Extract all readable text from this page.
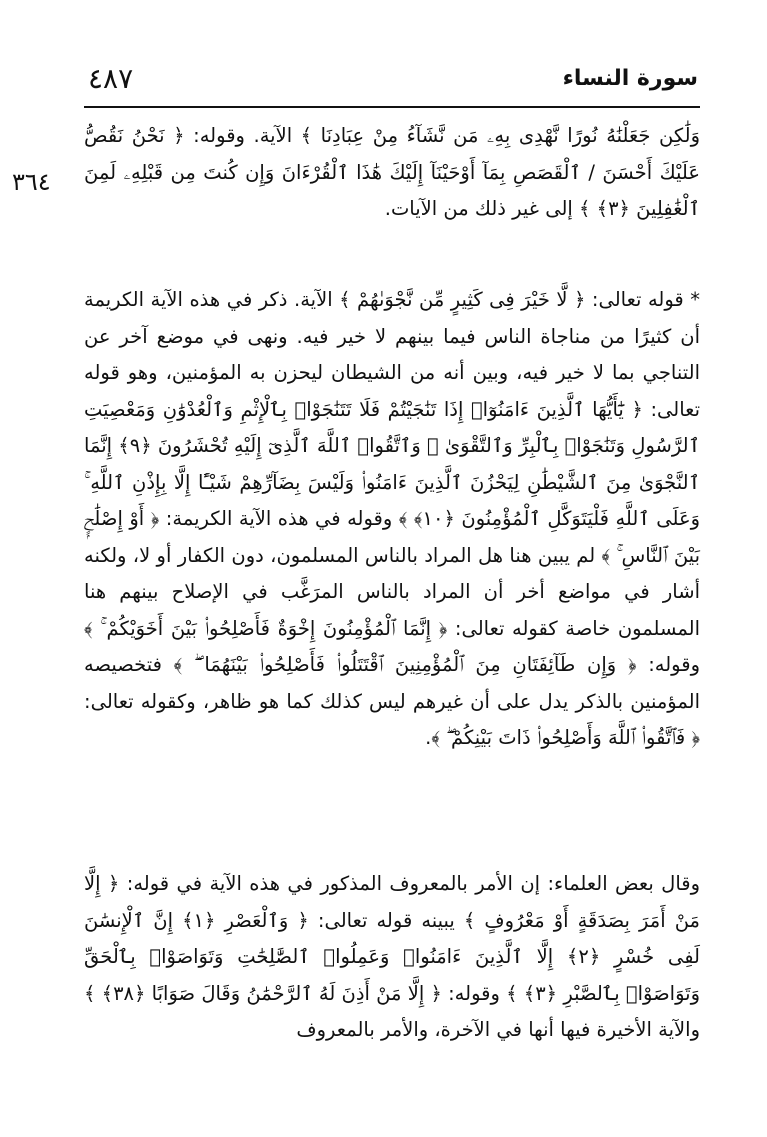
٤٨٧	سورة النساء
٣٦٤

وَلَٰكِن جَعَلْنَٰهُ نُورًا نَّهْدِى بِهِۦ مَن نَّشَآءُ مِنْ عِبَادِنَا ﴾ الآية. وقوله: ﴿ نَحْنُ نَقُصُّ عَلَيْكَ أَحْسَنَ / ٱلْقَصَصِ بِمَآ أَوْحَيْنَآ إِلَيْكَ هَٰذَا ٱلْقُرْءَانَ وَإِن كُنتَ مِن قَبْلِهِۦ لَمِنَ ٱلْغَٰفِلِينَ ﴿٣﴾ ﴾ إلى غير ذلك من الآيات.

* قوله تعالى: ﴿ لَّا خَيْرَ فِى كَثِيرٍ مِّن نَّجْوَىٰهُمْ ﴾ الآية. ذكر في هذه الآية الكريمة أن كثيرًا من مناجاة الناس فيما بينهم لا خير فيه. ونهى في موضع آخر عن التناجي بما لا خير فيه، وبين أنه من الشيطان ليحزن به المؤمنين، وهو قوله تعالى: ﴿ يَٰٓأَيُّهَا ٱلَّذِينَ ءَامَنُوٓا۟ إِذَا تَنَٰجَيْتُمْ فَلَا تَتَنَٰجَوْا۟ بِٱلْإِثْمِ وَٱلْعُدْوَٰنِ وَمَعْصِيَتِ ٱلرَّسُولِ وَتَنَٰجَوْا۟ بِٱلْبِرِّ وَٱلتَّقْوَىٰ ۖ وَٱتَّقُوا۟ ٱللَّهَ ٱلَّذِىٓ إِلَيْهِ تُحْشَرُونَ ﴿٩﴾ إِنَّمَا ٱلنَّجْوَىٰ مِنَ ٱلشَّيْطَٰنِ لِيَحْزُنَ ٱلَّذِينَ ءَامَنُوا۟ وَلَيْسَ بِضَآرِّهِمْ شَيْـًٔا إِلَّا بِإِذْنِ ٱللَّهِ ۚ وَعَلَى ٱللَّهِ فَلْيَتَوَكَّلِ ٱلْمُؤْمِنُونَ ﴿١٠﴾ ﴾ وقوله في هذه الآية الكريمة: ﴿ أَوْ إِصْلَٰحٍۭ بَيْنَ ٱلنَّاسِ ۚ ﴾ لم يبين هنا هل المراد بالناس المسلمون، دون الكفار أو لا، ولكنه أشار في مواضع أخر أن المراد بالناس المرَغَّب في الإصلاح بينهم هنا المسلمون خاصة كقوله تعالى: ﴿ إِنَّمَا ٱلْمُؤْمِنُونَ إِخْوَةٌ فَأَصْلِحُوا۟ بَيْنَ أَخَوَيْكُمْ ۚ ﴾ وقوله: ﴿ وَإِن طَآئِفَتَانِ مِنَ ٱلْمُؤْمِنِينَ ٱقْتَتَلُوا۟ فَأَصْلِحُوا۟ بَيْنَهُمَا ۖ ﴾ فتخصيصه المؤمنين بالذكر يدل على أن غيرهم ليس كذلك كما هو ظاهر، وكقوله تعالى: ﴿ فَٱتَّقُوا۟ ٱللَّهَ وَأَصْلِحُوا۟ ذَاتَ بَيْنِكُمْ ۖ ﴾.

وقال بعض العلماء: إن الأمر بالمعروف المذكور في هذه الآية في قوله: ﴿ إِلَّا مَنْ أَمَرَ بِصَدَقَةٍ أَوْ مَعْرُوفٍ ﴾ يبينه قوله تعالى: ﴿ وَٱلْعَصْرِ ﴿١﴾ إِنَّ ٱلْإِنسَٰنَ لَفِى خُسْرٍ ﴿٢﴾ إِلَّا ٱلَّذِينَ ءَامَنُوا۟ وَعَمِلُوا۟ ٱلصَّٰلِحَٰتِ وَتَوَاصَوْا۟ بِٱلْحَقِّ وَتَوَاصَوْا۟ بِٱلصَّبْرِ ﴿٣﴾ ﴾ وقوله: ﴿ إِلَّا مَنْ أَذِنَ لَهُ ٱلرَّحْمَٰنُ وَقَالَ صَوَابًا ﴿٣٨﴾ ﴾ والآية الأخيرة فيها أنها في الآخرة، والأمر بالمعروف
